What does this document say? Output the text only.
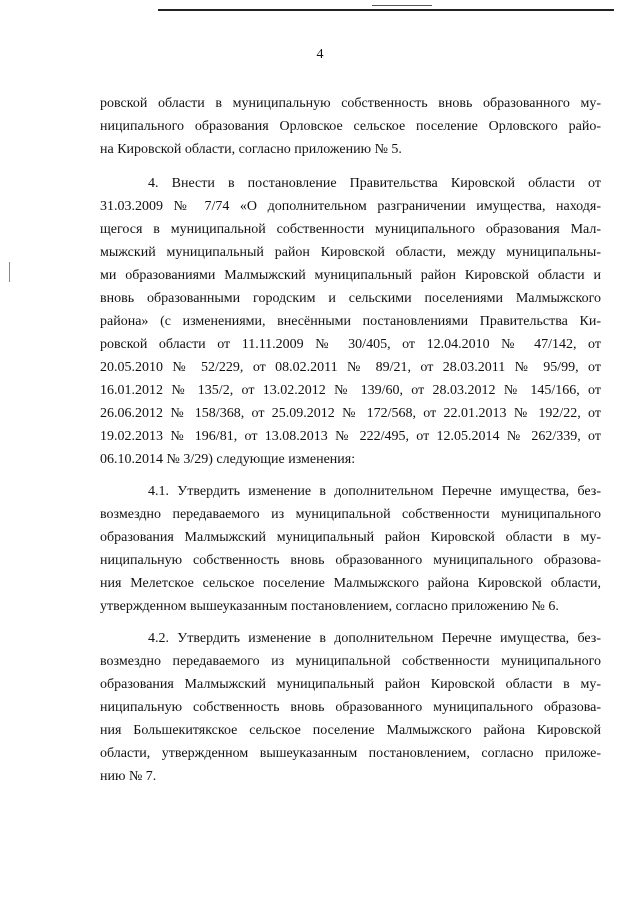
4

ровской области в муниципальную собственность вновь образованного му-
ниципального образования Орловское сельское поселение Орловского райо-
на Кировской области, согласно приложению № 5.

4. Внести в постановление Правительства Кировской области от
31.03.2009 № 7/74 «О дополнительном разграничении имущества, находя-
щегося в муниципальной собственности муниципального образования Мал-
мыжский муниципальный район Кировской области, между муниципальны-
ми образованиями Малмыжский муниципальный район Кировской области и
вновь образованными городским и сельскими поселениями Малмыжского
района» (с изменениями, внесёнными постановлениями Правительства Ки-
ровской области от 11.11.2009 № 30/405, от 12.04.2010 № 47/142, от
20.05.2010 № 52/229, от 08.02.2011 № 89/21, от 28.03.2011 № 95/99, от
16.01.2012 № 135/2, от 13.02.2012 № 139/60, от 28.03.2012 № 145/166, от
26.06.2012 № 158/368, от 25.09.2012 № 172/568, от 22.01.2013 № 192/22, от
19.02.2013 № 196/81, от 13.08.2013 № 222/495, от 12.05.2014 № 262/339, от
06.10.2014 № 3/29) следующие изменения:

4.1. Утвердить изменение в дополнительном Перечне имущества, без-
возмездно передаваемого из муниципальной собственности муниципального
образования Малмыжский муниципальный район Кировской области в му-
ниципальную собственность вновь образованного муниципального образова-
ния Мелетское сельское поселение Малмыжского района Кировской области,
утвержденном вышеуказанным постановлением, согласно приложению № 6.

4.2. Утвердить изменение в дополнительном Перечне имущества, без-
возмездно передаваемого из муниципальной собственности муниципального
образования Малмыжский муниципальный район Кировской области в му-
ниципальную собственность вновь образованного муниципального образова-
ния Большекитякское сельское поселение Малмыжского района Кировской
области, утвержденном вышеуказанным постановлением, согласно приложе-
нию № 7.
